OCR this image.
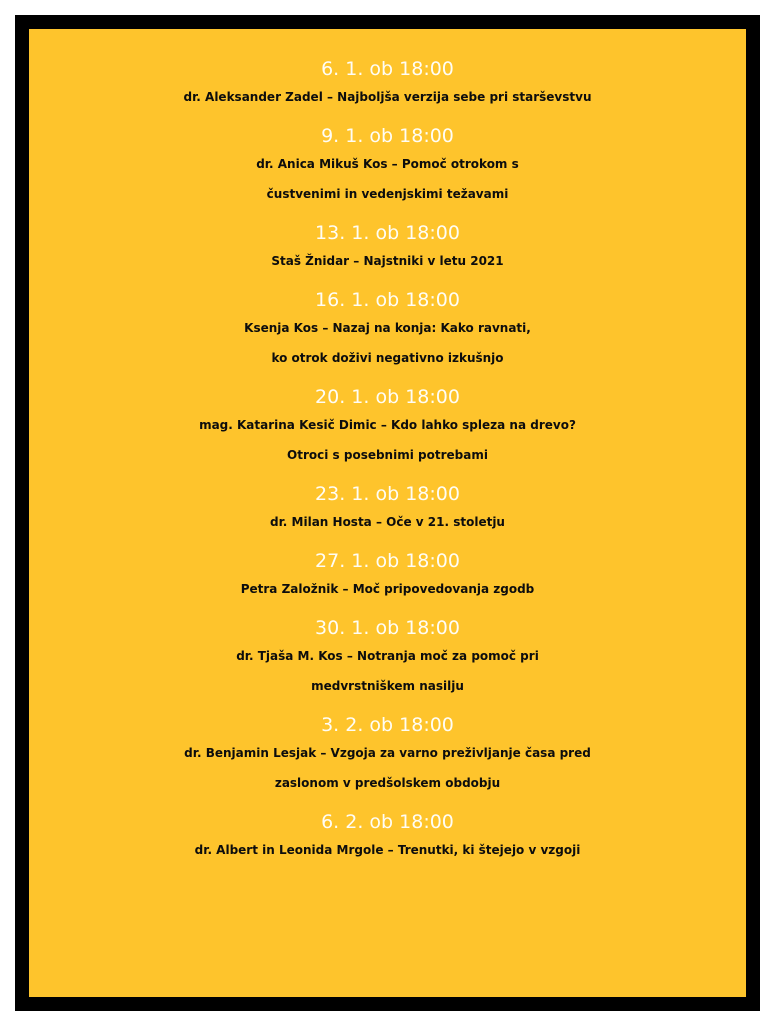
6. 1. ob 18:00
dr. Aleksander Zadel – Najboljša verzija sebe pri starševstvu
9. 1. ob 18:00
dr. Anica Mikuš Kos – Pomoč otrokom s
čustvenimi in vedenjskimi težavami
13. 1. ob 18:00
Staš Žnidar – Najstniki v letu 2021
16. 1. ob 18:00
Ksenja Kos – Nazaj na konja: Kako ravnati,
ko otrok doživi negativno izkušnjo
20. 1. ob 18:00
mag. Katarina Kesič Dimic – Kdo lahko spleza na drevo?
Otroci s posebnimi potrebami
23. 1. ob 18:00
dr. Milan Hosta – Oče v 21. stoletju
27. 1. ob 18:00
Petra Založnik – Moč pripovedovanja zgodb
30. 1. ob 18:00
dr. Tjaša M. Kos – Notranja moč za pomoč pri
medvrstniškem nasilju
3. 2. ob 18:00
dr. Benjamin Lesjak – Vzgoja za varno preživljanje časa pred
zaslonom v predšolskem obdobju
6. 2. ob 18:00
dr. Albert in Leonida Mrgole – Trenutki, ki štejejo v vzgoji
